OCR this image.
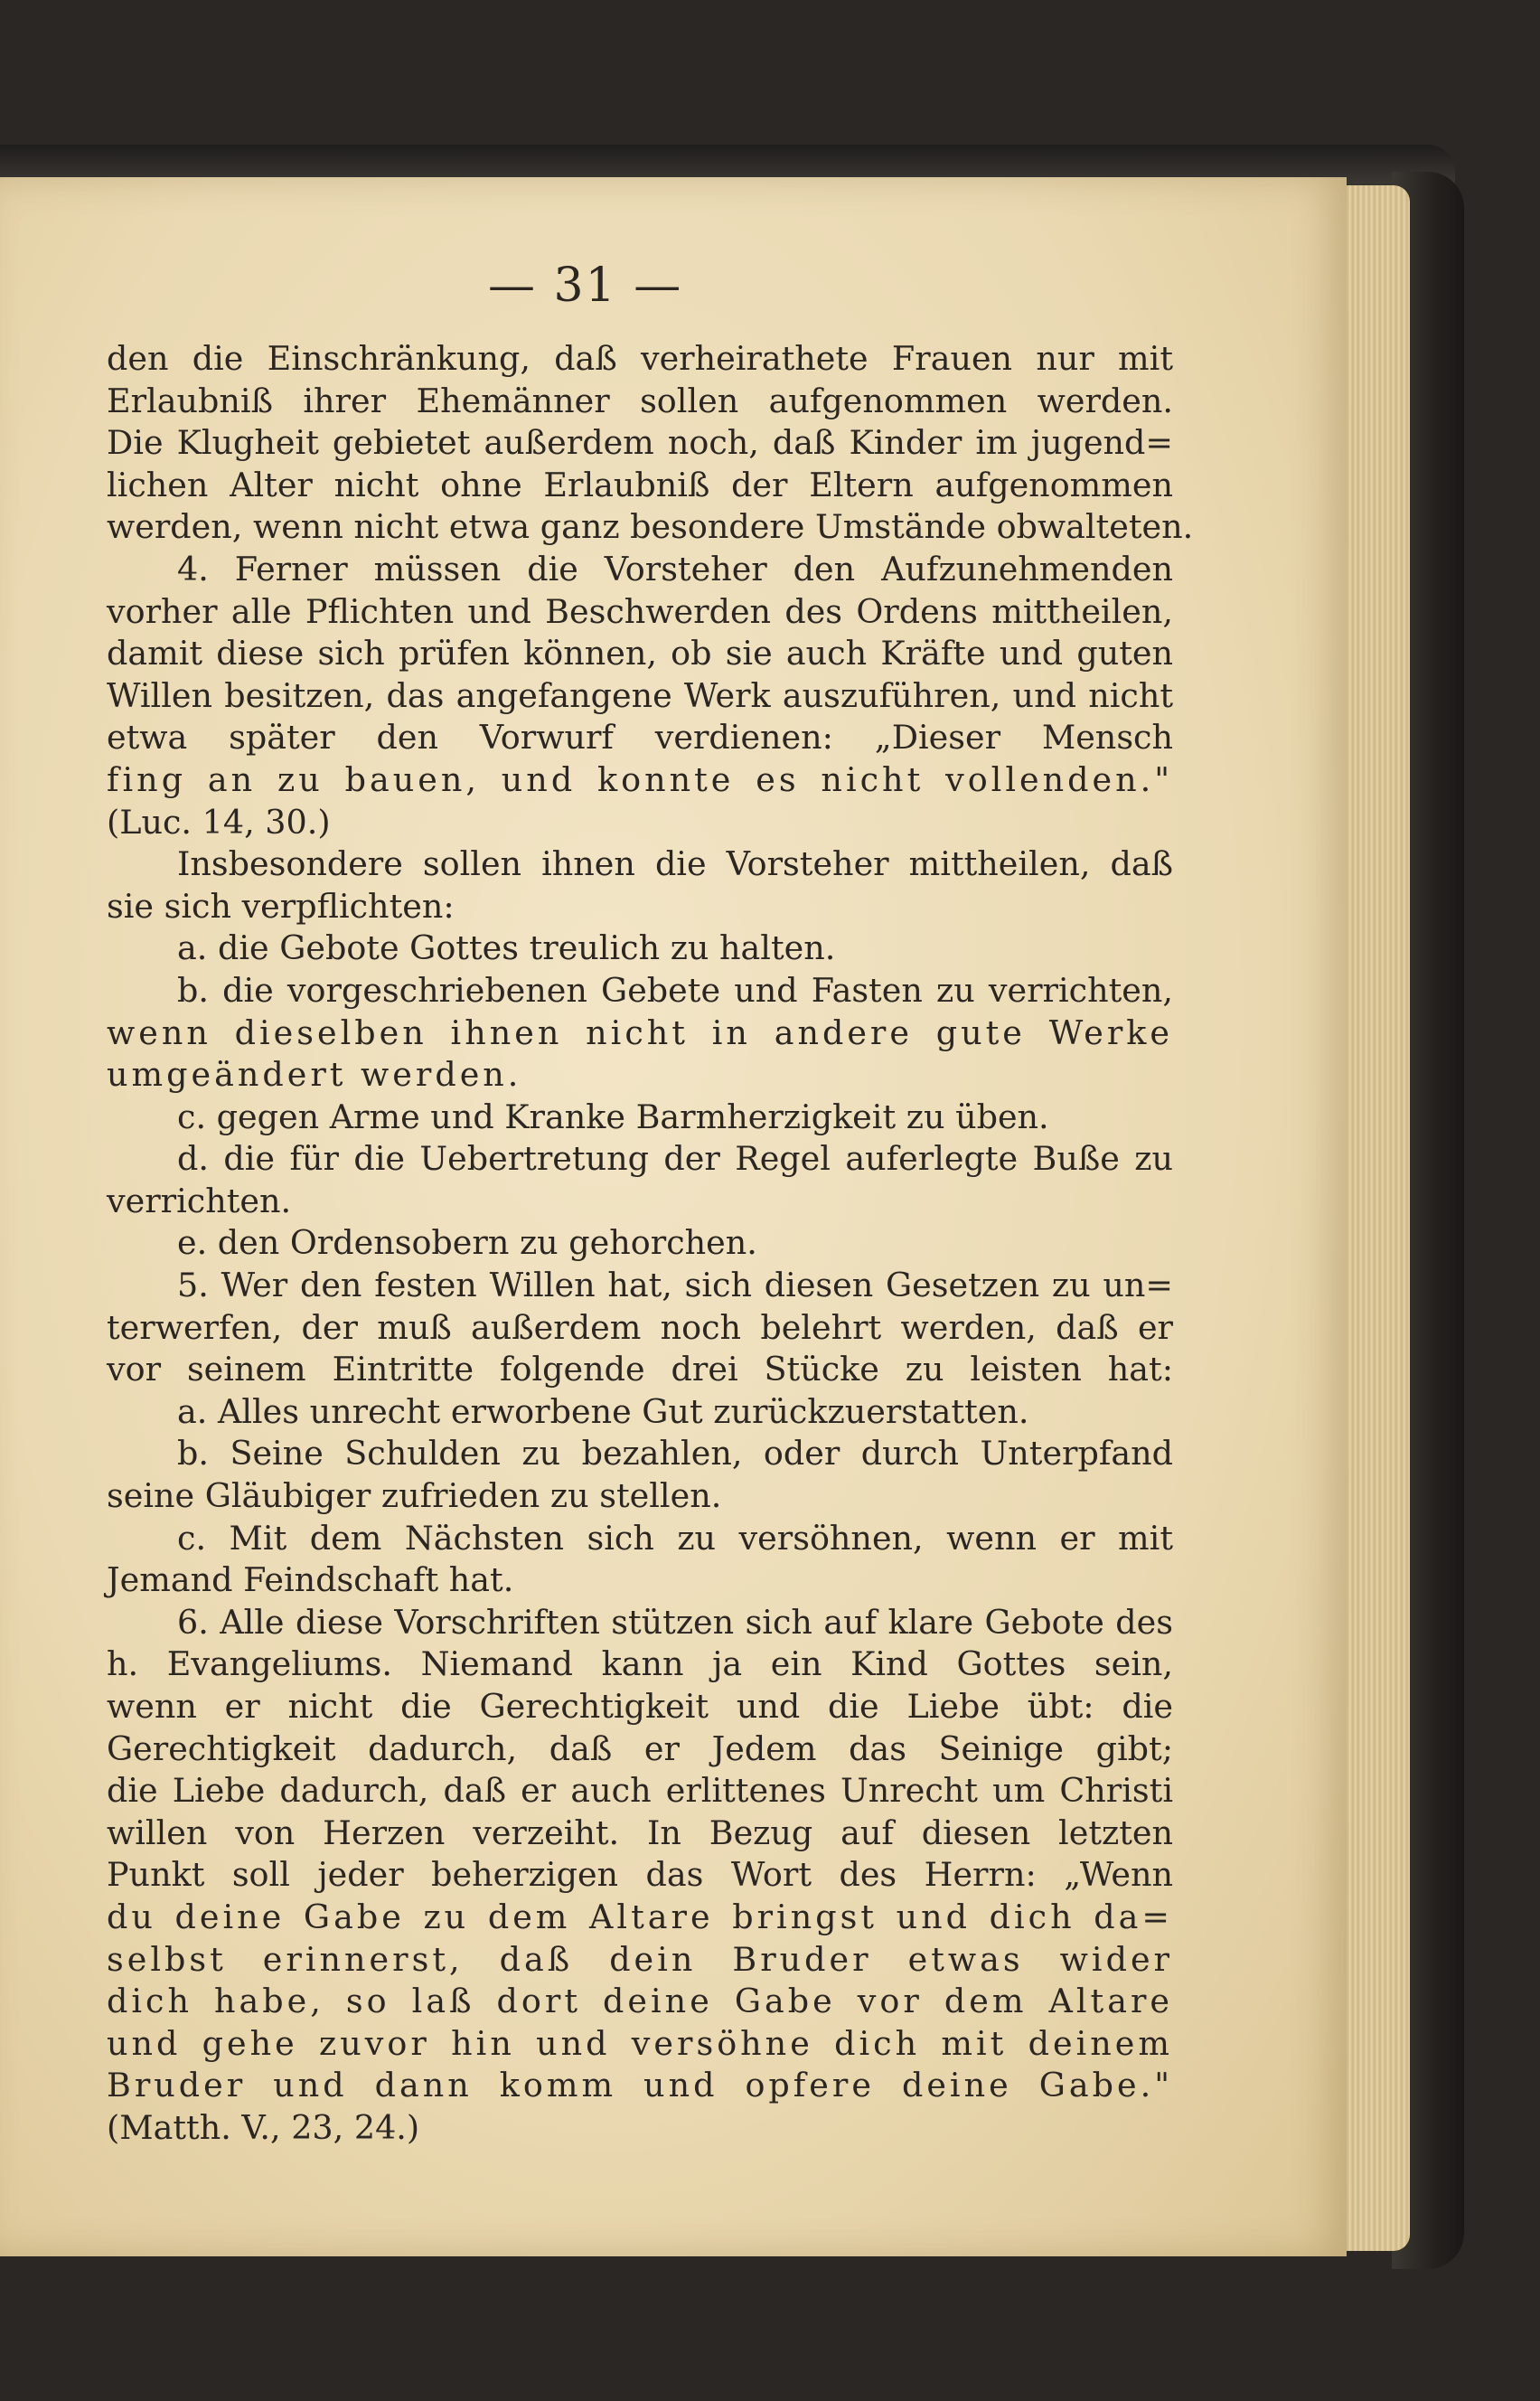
— 31 —
den die Einschränkung, daß verheirathete Frauen nur mit
Erlaubniß ihrer Ehemänner sollen aufgenommen werden.
Die Klugheit gebietet außerdem noch, daß Kinder im jugend=
lichen Alter nicht ohne Erlaubniß der Eltern aufgenommen
werden, wenn nicht etwa ganz besondere Umstände obwalteten.
4. Ferner müssen die Vorsteher den Aufzunehmenden
vorher alle Pflichten und Beschwerden des Ordens mittheilen,
damit diese sich prüfen können, ob sie auch Kräfte und guten
Willen besitzen, das angefangene Werk auszuführen, und nicht
etwa später den Vorwurf verdienen: „Dieser Mensch
fing an zu bauen, und konnte es nicht vollenden."
(Luc. 14, 30.)
Insbesondere sollen ihnen die Vorsteher mittheilen, daß
sie sich verpflichten:
a. die Gebote Gottes treulich zu halten.
b. die vorgeschriebenen Gebete und Fasten zu verrichten,
wenn dieselben ihnen nicht in andere gute Werke
umgeändert werden.
c. gegen Arme und Kranke Barmherzigkeit zu üben.
d. die für die Uebertretung der Regel auferlegte Buße zu
verrichten.
e. den Ordensobern zu gehorchen.
5. Wer den festen Willen hat, sich diesen Gesetzen zu un=
terwerfen, der muß außerdem noch belehrt werden, daß er
vor seinem Eintritte folgende drei Stücke zu leisten hat:
a. Alles unrecht erworbene Gut zurückzuerstatten.
b. Seine Schulden zu bezahlen, oder durch Unterpfand
seine Gläubiger zufrieden zu stellen.
c. Mit dem Nächsten sich zu versöhnen, wenn er mit
Jemand Feindschaft hat.
6. Alle diese Vorschriften stützen sich auf klare Gebote des
h. Evangeliums. Niemand kann ja ein Kind Gottes sein,
wenn er nicht die Gerechtigkeit und die Liebe übt: die
Gerechtigkeit dadurch, daß er Jedem das Seinige gibt;
die Liebe dadurch, daß er auch erlittenes Unrecht um Christi
willen von Herzen verzeiht. In Bezug auf diesen letzten
Punkt soll jeder beherzigen das Wort des Herrn: „Wenn
du deine Gabe zu dem Altare bringst und dich da=
selbst erinnerst, daß dein Bruder etwas wider
dich habe, so laß dort deine Gabe vor dem Altare
und gehe zuvor hin und versöhne dich mit deinem
Bruder und dann komm und opfere deine Gabe."
(Matth. V., 23, 24.)
